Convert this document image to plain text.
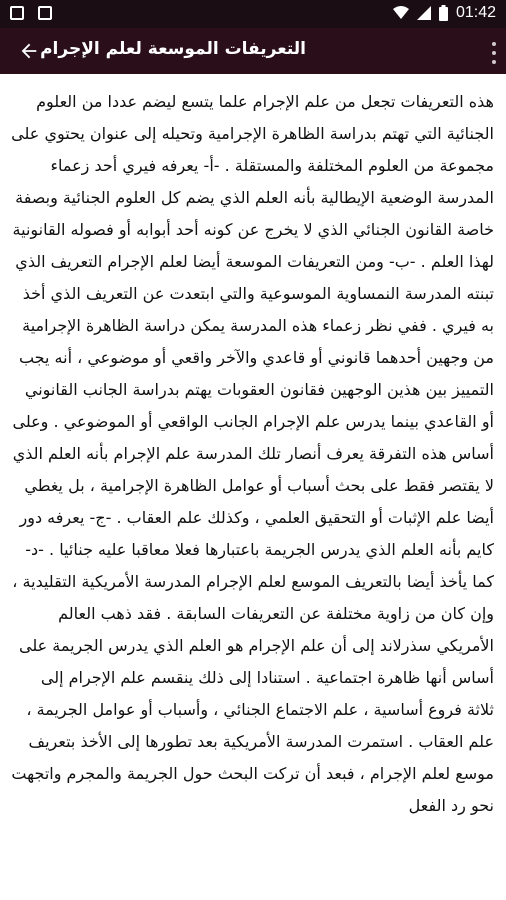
01:42
التعريفات الموسعة لعلم الإجرام
هذه التعريفات تجعل من علم الإجرام علما يتسع ليضم عددا من العلوم الجنائية التي تهتم بدراسة الظاهرة الإجرامية وتحيله إلى عنوان يحتوي على مجموعة من العلوم المختلفة والمستقلة . -أ- يعرفه فيري أحد زعماء المدرسة الوضعية الإيطالية بأنه العلم الذي يضم كل العلوم الجنائية وبصفة خاصة القانون الجنائي الذي لا يخرج عن كونه أحد أبوابه أو فصوله القانونية لهذا العلم . -ب- ومن التعريفات الموسعة أيضا لعلم الإجرام التعريف الذي تبنته المدرسة النمساوية الموسوعية والتي ابتعدت عن التعريف الذي أخذ به فيري . ففي نظر زعماء هذه المدرسة يمكن دراسة الظاهرة الإجرامية من وجهين أحدهما قانوني أو قاعدي والآخر واقعي أو موضوعي ، أنه يجب التمييز بين هذين الوجهين فقانون العقوبات يهتم بدراسة الجانب القانوني أو القاعدي بينما يدرس علم الإجرام الجانب الواقعي أو الموضوعي . وعلى أساس هذه التفرقة يعرف أنصار تلك المدرسة علم الإجرام بأنه العلم الذي لا يقتصر فقط على بحث أسباب أو عوامل الظاهرة الإجرامية ، بل يغطي أيضا علم الإثبات أو التحقيق العلمي ، وكذلك علم العقاب . -ج- يعرفه دور كايم بأنه العلم الذي يدرس الجريمة باعتبارها فعلا معاقبا عليه جنائيا . -د-كما يأخذ أيضا بالتعريف الموسع لعلم الإجرام المدرسة الأمريكية التقليدية ، وإن كان من زاوية مختلفة عن التعريفات السابقة . فقد ذهب العالم الأمريكي سذرلاند إلى أن علم الإجرام هو العلم الذي يدرس الجريمة على أساس أنها ظاهرة اجتماعية . استنادا إلى ذلك ينقسم علم الإجرام إلى ثلاثة فروع أساسية ، علم الاجتماع الجنائي ، وأسباب أو عوامل الجريمة ، علم العقاب . استمرت المدرسة الأمريكية بعد تطورها إلى الأخذ بتعريف موسع لعلم الإجرام ، فبعد أن تركت البحث حول الجريمة والمجرم واتجهت نحو رد الفعل
